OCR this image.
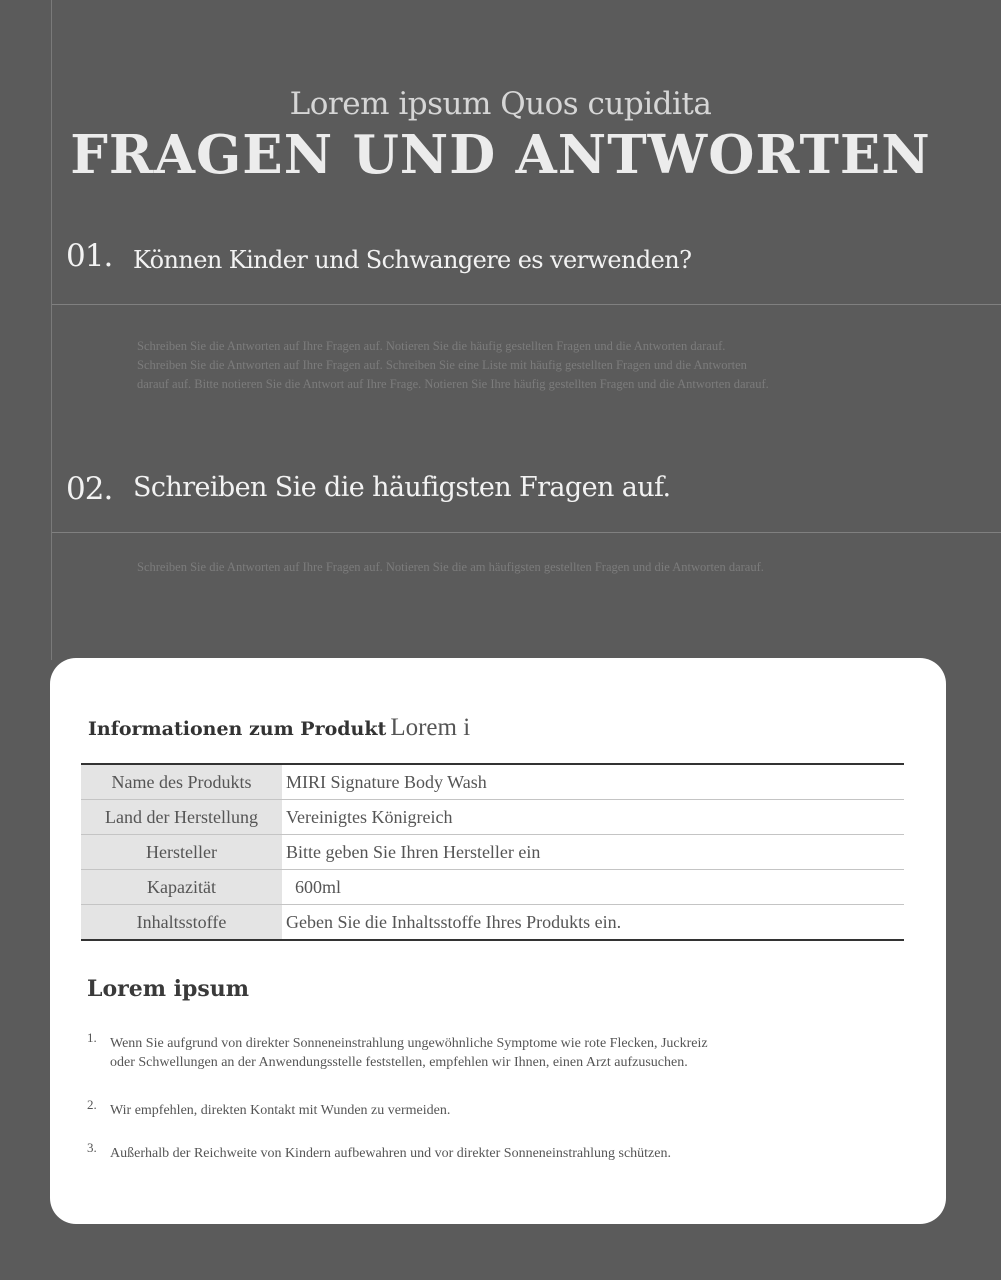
Lorem ipsum Quos cupidita
FRAGEN UND ANTWORTEN
01. Können Kinder und Schwangere es verwenden?
Schreiben Sie die Antworten auf Ihre Fragen auf. Notieren Sie die häufig gestellten Fragen und die Antworten darauf.
Schreiben Sie die Antworten auf Ihre Fragen auf. Schreiben Sie eine Liste mit häufig gestellten Fragen und die Antworten
darauf auf. Bitte notieren Sie die Antwort auf Ihre Frage. Notieren Sie Ihre häufig gestellten Fragen und die Antworten darauf.
02. Schreiben Sie die häufigsten Fragen auf.
Schreiben Sie die Antworten auf Ihre Fragen auf. Notieren Sie die am häufigsten gestellten Fragen und die Antworten darauf.
Informationen zum Produkt Lorem i
Name des Produkts	MIRI Signature Body Wash
Land der Herstellung	Vereinigtes Königreich
Hersteller	Bitte geben Sie Ihren Hersteller ein
Kapazität	600ml
Inhaltsstoffe	Geben Sie die Inhaltsstoffe Ihres Produkts ein.
Lorem ipsum
1. Wenn Sie aufgrund von direkter Sonneneinstrahlung ungewöhnliche Symptome wie rote Flecken, Juckreiz
oder Schwellungen an der Anwendungsstelle feststellen, empfehlen wir Ihnen, einen Arzt aufzusuchen.
2. Wir empfehlen, direkten Kontakt mit Wunden zu vermeiden.
3. Außerhalb der Reichweite von Kindern aufbewahren und vor direkter Sonneneinstrahlung schützen.
